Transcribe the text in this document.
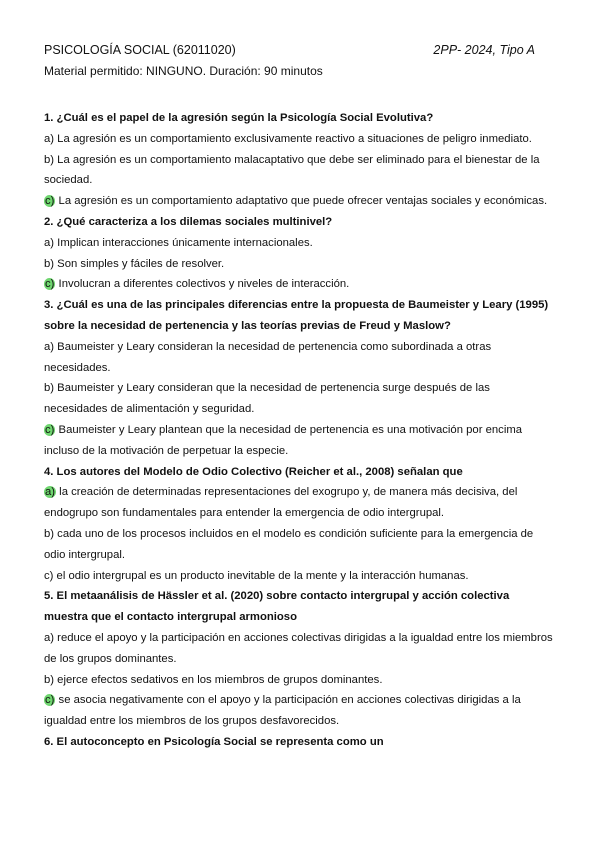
PSICOLOGÍA SOCIAL (62011020)	2PP- 2024, Tipo A
Material permitido: NINGUNO. Duración: 90 minutos
1. ¿Cuál es el papel de la agresión según la Psicología Social Evolutiva?
a) La agresión es un comportamiento exclusivamente reactivo a situaciones de peligro inmediato.
b) La agresión es un comportamiento malacaptativo que debe ser eliminado para el bienestar de la sociedad.
c) La agresión es un comportamiento adaptativo que puede ofrecer ventajas sociales y económicas.
2. ¿Qué caracteriza a los dilemas sociales multinivel?
a) Implican interacciones únicamente internacionales.
b) Son simples y fáciles de resolver.
c) Involucran a diferentes colectivos y niveles de interacción.
3. ¿Cuál es una de las principales diferencias entre la propuesta de Baumeister y Leary (1995) sobre la necesidad de pertenencia y las teorías previas de Freud y Maslow?
a) Baumeister y Leary consideran la necesidad de pertenencia como subordinada a otras necesidades.
b) Baumeister y Leary consideran que la necesidad de pertenencia surge después de las necesidades de alimentación y seguridad.
c) Baumeister y Leary plantean que la necesidad de pertenencia es una motivación por encima incluso de la motivación de perpetuar la especie.
4. Los autores del Modelo de Odio Colectivo (Reicher et al., 2008) señalan que
a) la creación de determinadas representaciones del exogrupo y, de manera más decisiva, del endogrupo son fundamentales para entender la emergencia de odio intergrupal.
b) cada uno de los procesos incluidos en el modelo es condición suficiente para la emergencia de odio intergrupal.
c) el odio intergrupal es un producto inevitable de la mente y la interacción humanas.
5. El metaanálisis de Hässler et al. (2020) sobre contacto intergrupal y acción colectiva muestra que el contacto intergrupal armonioso
a) reduce el apoyo y la participación en acciones colectivas dirigidas a la igualdad entre los miembros de los grupos dominantes.
b) ejerce efectos sedativos en los miembros de grupos dominantes.
c) se asocia negativamente con el apoyo y la participación en acciones colectivas dirigidas a la igualdad entre los miembros de los grupos desfavorecidos.
6. El autoconcepto en Psicología Social se representa como un
